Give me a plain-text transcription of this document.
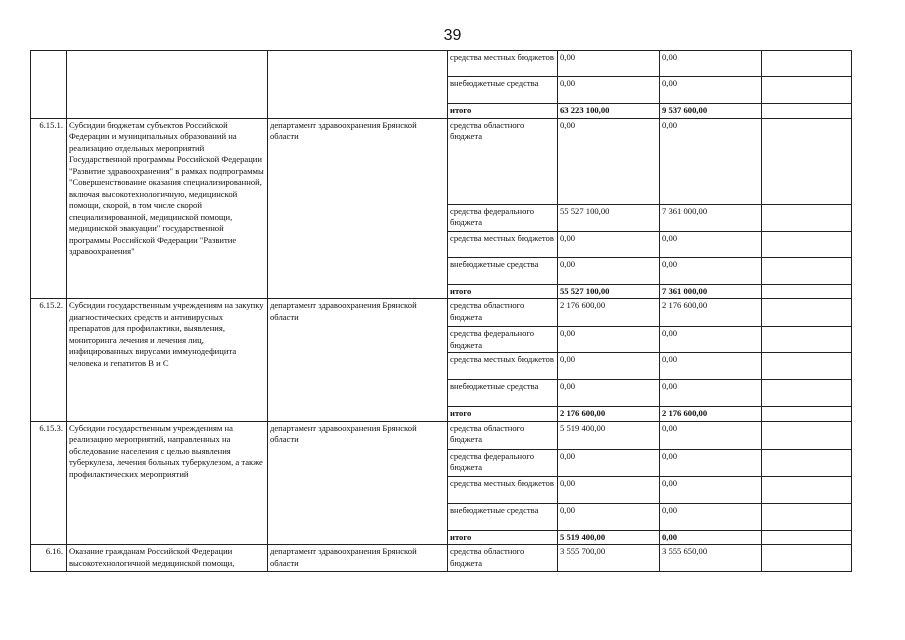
39
			средства местных бюджетов	0,00	0,00	
			внебюджетные средства	0,00	0,00	
			итого	63 223 100,00	9 537 600,00	
6.15.1.	Субсидии бюджетам субъектов Российской Федерации и муниципальных образований на реализацию отдельных мероприятий Государственной программы Российской Федерации "Развитие здравоохранения" в рамках подпрограммы "Совершенствование оказания специализированной, включая высокотехнологичную, медицинской помощи, скорой, в том числе скорой специализированной, медицинской помощи, медицинской эвакуации" государственной программы Российской Федерации "Развитие здравоохранения"	департамент здравоохранения Брянской области	средства областного бюджета	0,00	0,00	
			средства федерального бюджета	55 527 100,00	7 361 000,00	
			средства местных бюджетов	0,00	0,00	
			внебюджетные средства	0,00	0,00	
			итого	55 527 100,00	7 361 000,00	
6.15.2.	Субсидии государственным учреждениям на закупку диагностических средств и антивирусных препаратов для профилактики, выявления, мониторинга лечения и лечения лиц, инфицированных вирусами иммунодефицита человека и гепатитов В и С	департамент здравоохранения Брянской области	средства областного бюджета	2 176 600,00	2 176 600,00	
			средства федерального бюджета	0,00	0,00	
			средства местных бюджетов	0,00	0,00	
			внебюджетные средства	0,00	0,00	
			итого	2 176 600,00	2 176 600,00	
6.15.3.	Субсидии государственным учреждениям на реализацию мероприятий, направленных на обследование населения с целью выявления туберкулеза, лечения больных туберкулезом, а также профилактических мероприятий	департамент здравоохранения Брянской области	средства областного бюджета	5 519 400,00	0,00	
			средства федерального бюджета	0,00	0,00	
			средства местных бюджетов	0,00	0,00	
			внебюджетные средства	0,00	0,00	
			итого	5 519 400,00	0,00	
6.16.	Оказание гражданам Российской Федерации высокотехнологичной медицинской помощи,	департамент здравоохранения Брянской области	средства областного бюджета	3 555 700,00	3 555 650,00	
